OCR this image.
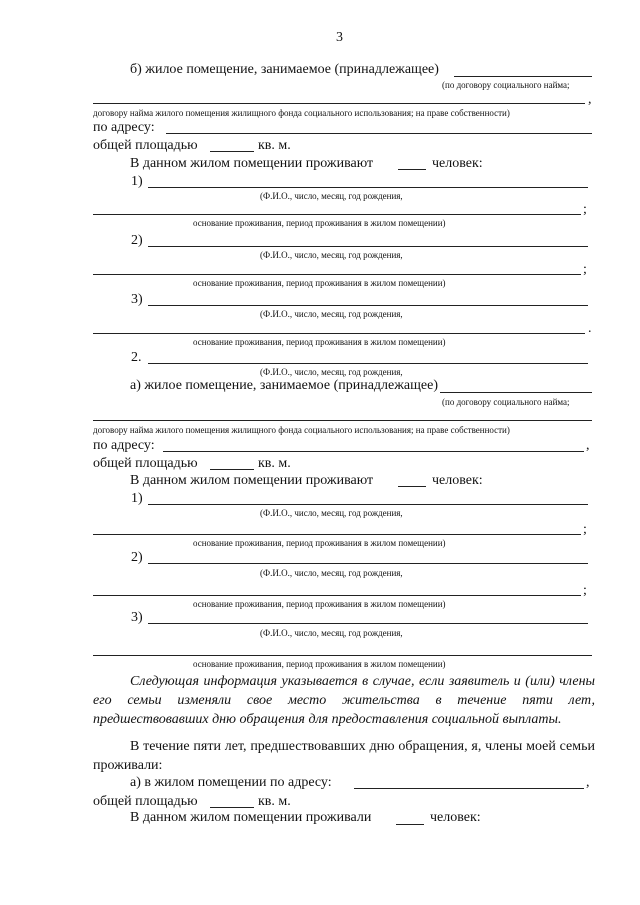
3
б) жилое помещение, занимаемое (принадлежащее)
(по договору социального найма;
,
договору найма жилого помещения жилищного фонда социального использования; на праве собственности)
по адресу:
общей площадью	кв. м.
В данном жилом помещении проживают	человек:
1)
(Ф.И.О., число, месяц, год рождения,
;
основание проживания, период проживания в жилом помещении)
2)
(Ф.И.О., число, месяц, год рождения,
;
основание проживания, период проживания в жилом помещении)
3)
(Ф.И.О., число, месяц, год рождения,
.
основание проживания, период проживания в жилом помещении)
2.
(Ф.И.О., число, месяц, год рождения,
а) жилое помещение, занимаемое (принадлежащее)
(по договору социального найма;
договору найма жилого помещения жилищного фонда социального использования; на праве собственности)
по адресу:	,
общей площадью	кв. м.
В данном жилом помещении проживают	человек:
1)
(Ф.И.О., число, месяц, год рождения,
;
основание проживания, период проживания в жилом помещении)
2)
(Ф.И.О., число, месяц, год рождения,
;
основание проживания, период проживания в жилом помещении)
3)
(Ф.И.О., число, месяц, год рождения,
основание проживания, период проживания в жилом помещении)
Следующая информация указывается в случае, если заявитель и (или) члены его семьи изменяли свое место жительства в течение пяти лет, предшествовавших дню обращения для предоставления социальной выплаты.
В течение пяти лет, предшествовавших дню обращения, я, члены моей семьи проживали:
а) в жилом помещении по адресу:	,
общей площадью	кв. м.
В данном жилом помещении проживали	человек:
